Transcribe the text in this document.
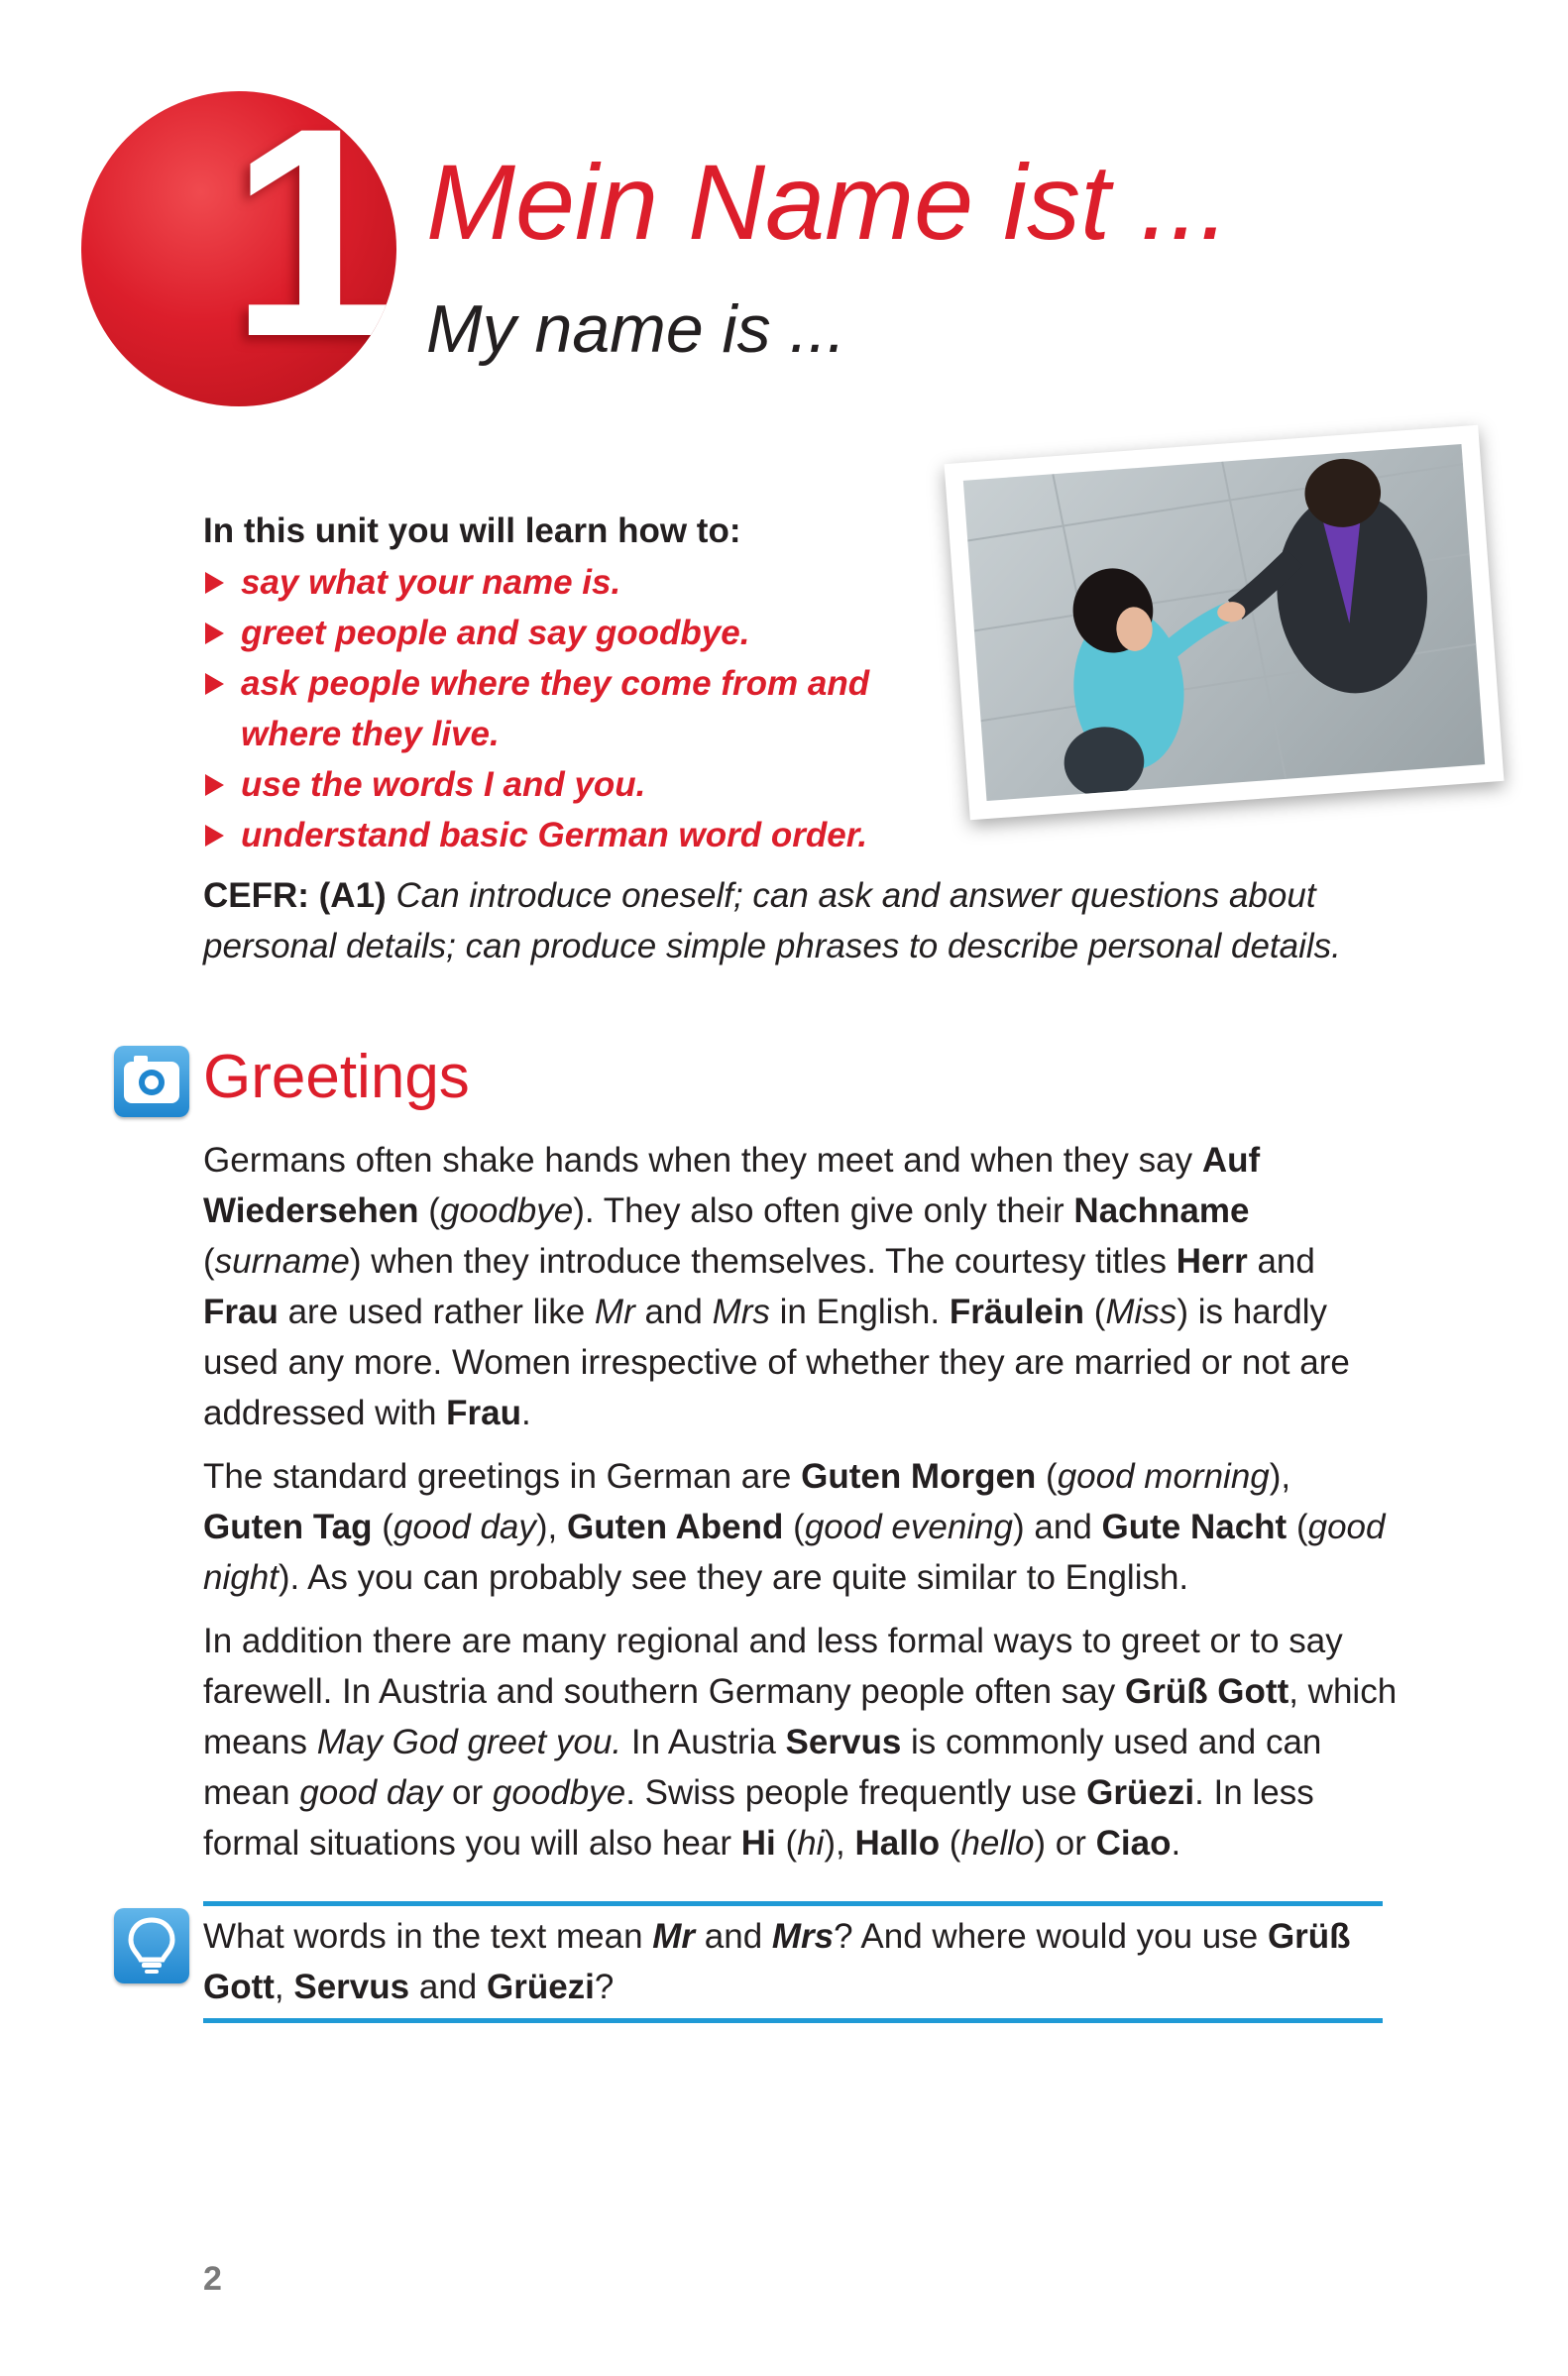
1 Mein Name ist ...
My name is ...
In this unit you will learn how to:
say what your name is.
greet people and say goodbye.
ask people where they come from and where they live.
use the words I and you.
understand basic German word order.
CEFR: (A1) Can introduce oneself; can ask and answer questions about personal details; can produce simple phrases to describe personal details.
Greetings

Germans often shake hands when they meet and when they say Auf Wiedersehen (goodbye). They also often give only their Nachname (surname) when they introduce themselves. The courtesy titles Herr and Frau are used rather like Mr and Mrs in English. Fräulein (Miss) is hardly used any more. Women irrespective of whether they are married or not are addressed with Frau.

The standard greetings in German are Guten Morgen (good morning), Guten Tag (good day), Guten Abend (good evening) and Gute Nacht (good night). As you can probably see they are quite similar to English.

In addition there are many regional and less formal ways to greet or to say farewell. In Austria and southern Germany people often say Grüß Gott, which means May God greet you. In Austria Servus is commonly used and can mean good day or goodbye. Swiss people frequently use Grüezi. In less formal situations you will also hear Hi (hi), Hallo (hello) or Ciao.

What words in the text mean Mr and Mrs? And where would you use Grüß Gott, Servus and Grüezi?
2
